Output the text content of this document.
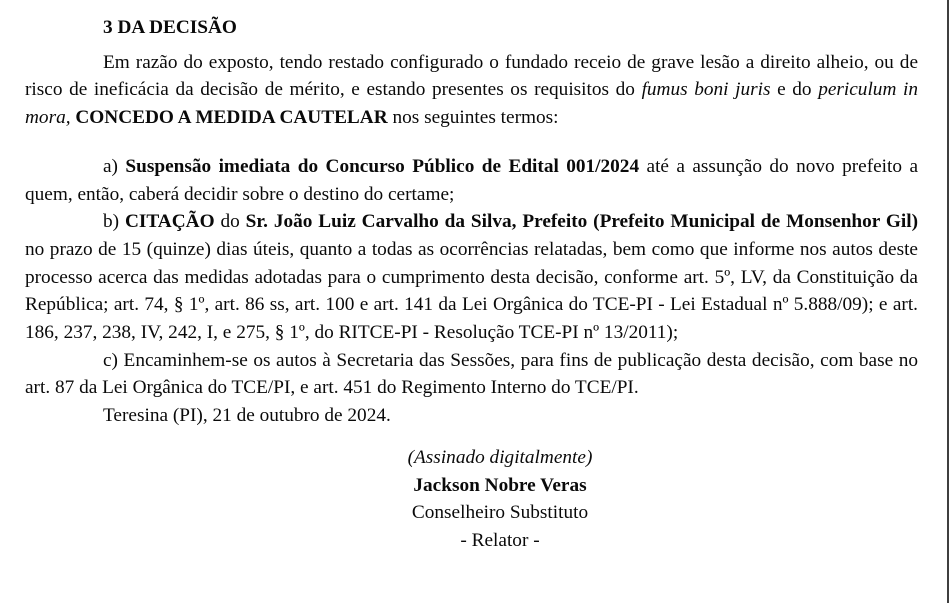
3 DA DECISÃO

Em razão do exposto, tendo restado configurado o fundado receio de grave lesão a direito alheio, ou de risco de ineficácia da decisão de mérito, e estando presentes os requisitos do fumus boni juris e do periculum in mora, CONCEDO A MEDIDA CAUTELAR nos seguintes termos:

a) Suspensão imediata do Concurso Público de Edital 001/2024 até a assunção do novo prefeito a quem, então, caberá decidir sobre o destino do certame;

b) CITAÇÃO do Sr. João Luiz Carvalho da Silva, Prefeito (Prefeito Municipal de Monsenhor Gil) no prazo de 15 (quinze) dias úteis, quanto a todas as ocorrências relatadas, bem como que informe nos autos deste processo acerca das medidas adotadas para o cumprimento desta decisão, conforme art. 5º, LV, da Constituição da República; art. 74, § 1º, art. 86 ss, art. 100 e art. 141 da Lei Orgânica do TCE-PI - Lei Estadual nº 5.888/09); e art. 186, 237, 238, IV, 242, I, e 275, § 1º, do RITCE-PI - Resolução TCE-PI nº 13/2011);

c) Encaminhem-se os autos à Secretaria das Sessões, para fins de publicação desta decisão, com base no art. 87 da Lei Orgânica do TCE/PI, e art. 451 do Regimento Interno do TCE/PI.

Teresina (PI), 21 de outubro de 2024.

(Assinado digitalmente)

Jackson Nobre Veras

Conselheiro Substituto

- Relator -
